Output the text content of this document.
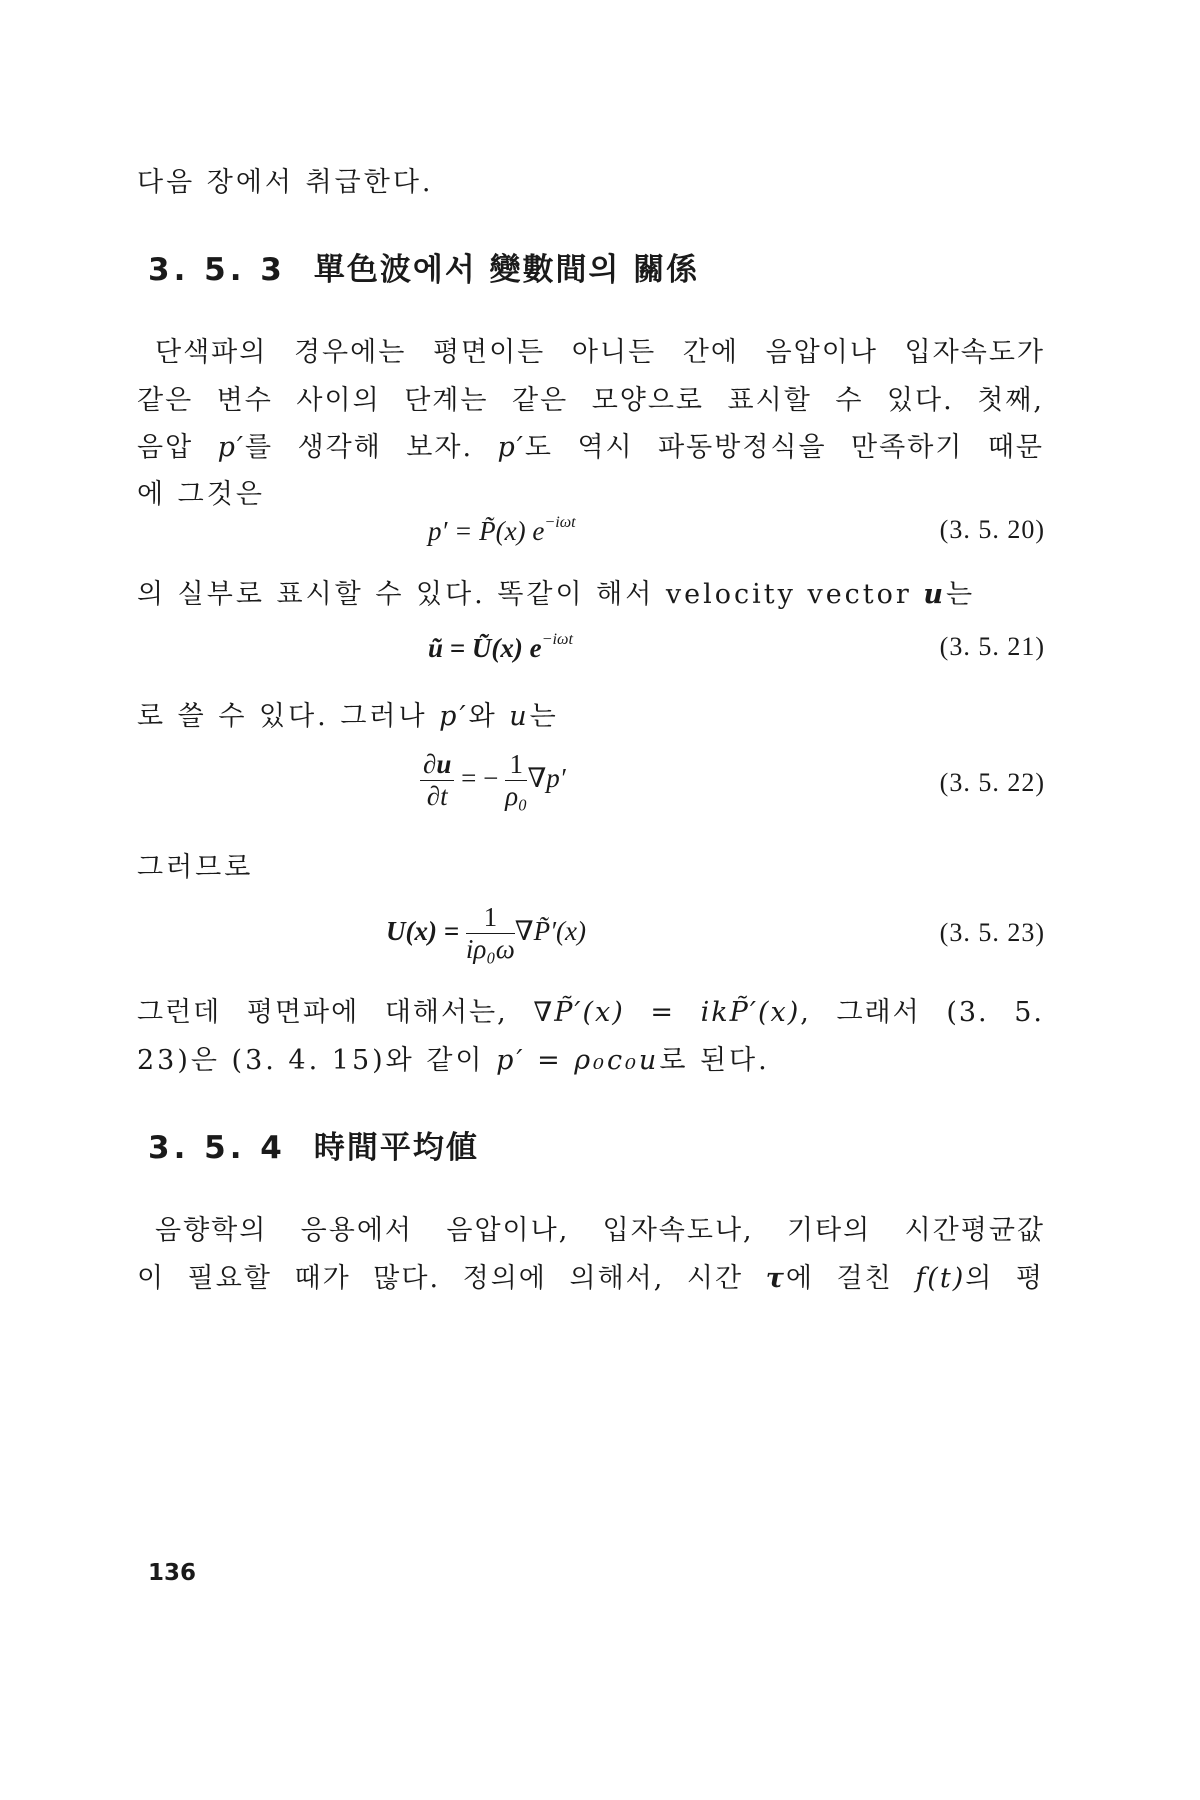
다음 장에서 취급한다.
3. 5. 3 單色波에서 變數間의 關係
단색파의 경우에는 평면이든 아니든 간에 음압이나 입자속도가
같은 변수 사이의 단계는 같은 모양으로 표시할 수 있다. 첫째,
음압 p′를 생각해 보자. p′도 역시 파동방정식을 만족하기 때문
에 그것은
p′ = P̃(x) $e^{-i\omega t}$	(3. 5. 20)
의 실부로 표시할 수 있다. 똑같이 해서 velocity vector u는
ũ = Ũ(x) $e^{-i\omega t}$	(3. 5. 21)
로 쓸 수 있다. 그러나 p′와 u는
$\frac{\partial u}{\partial t}$ = − $\frac{1}{\text{ρ₀}} \nabla p'$	(3. 5. 22)
그러므로
$U(x) = \frac{1}{\text{iρ₀ω}}$ ∇P̃′(x)	(3. 5. 23)
그런데 평면파에 대해서는, ∇P̃′(x) = ikP̃′(x), 그래서 (3. 5.
23)은 (3. 4. 15)와 같이 p′ = ρ₀c₀u로 된다.
3. 5. 4 時間平均値
음향학의 응용에서 음압이나, 입자속도나, 기타의 시간평균값
이 필요할 때가 많다. 정의에 의해서, 시간 τ에 걸친 f(t)의 평
136
